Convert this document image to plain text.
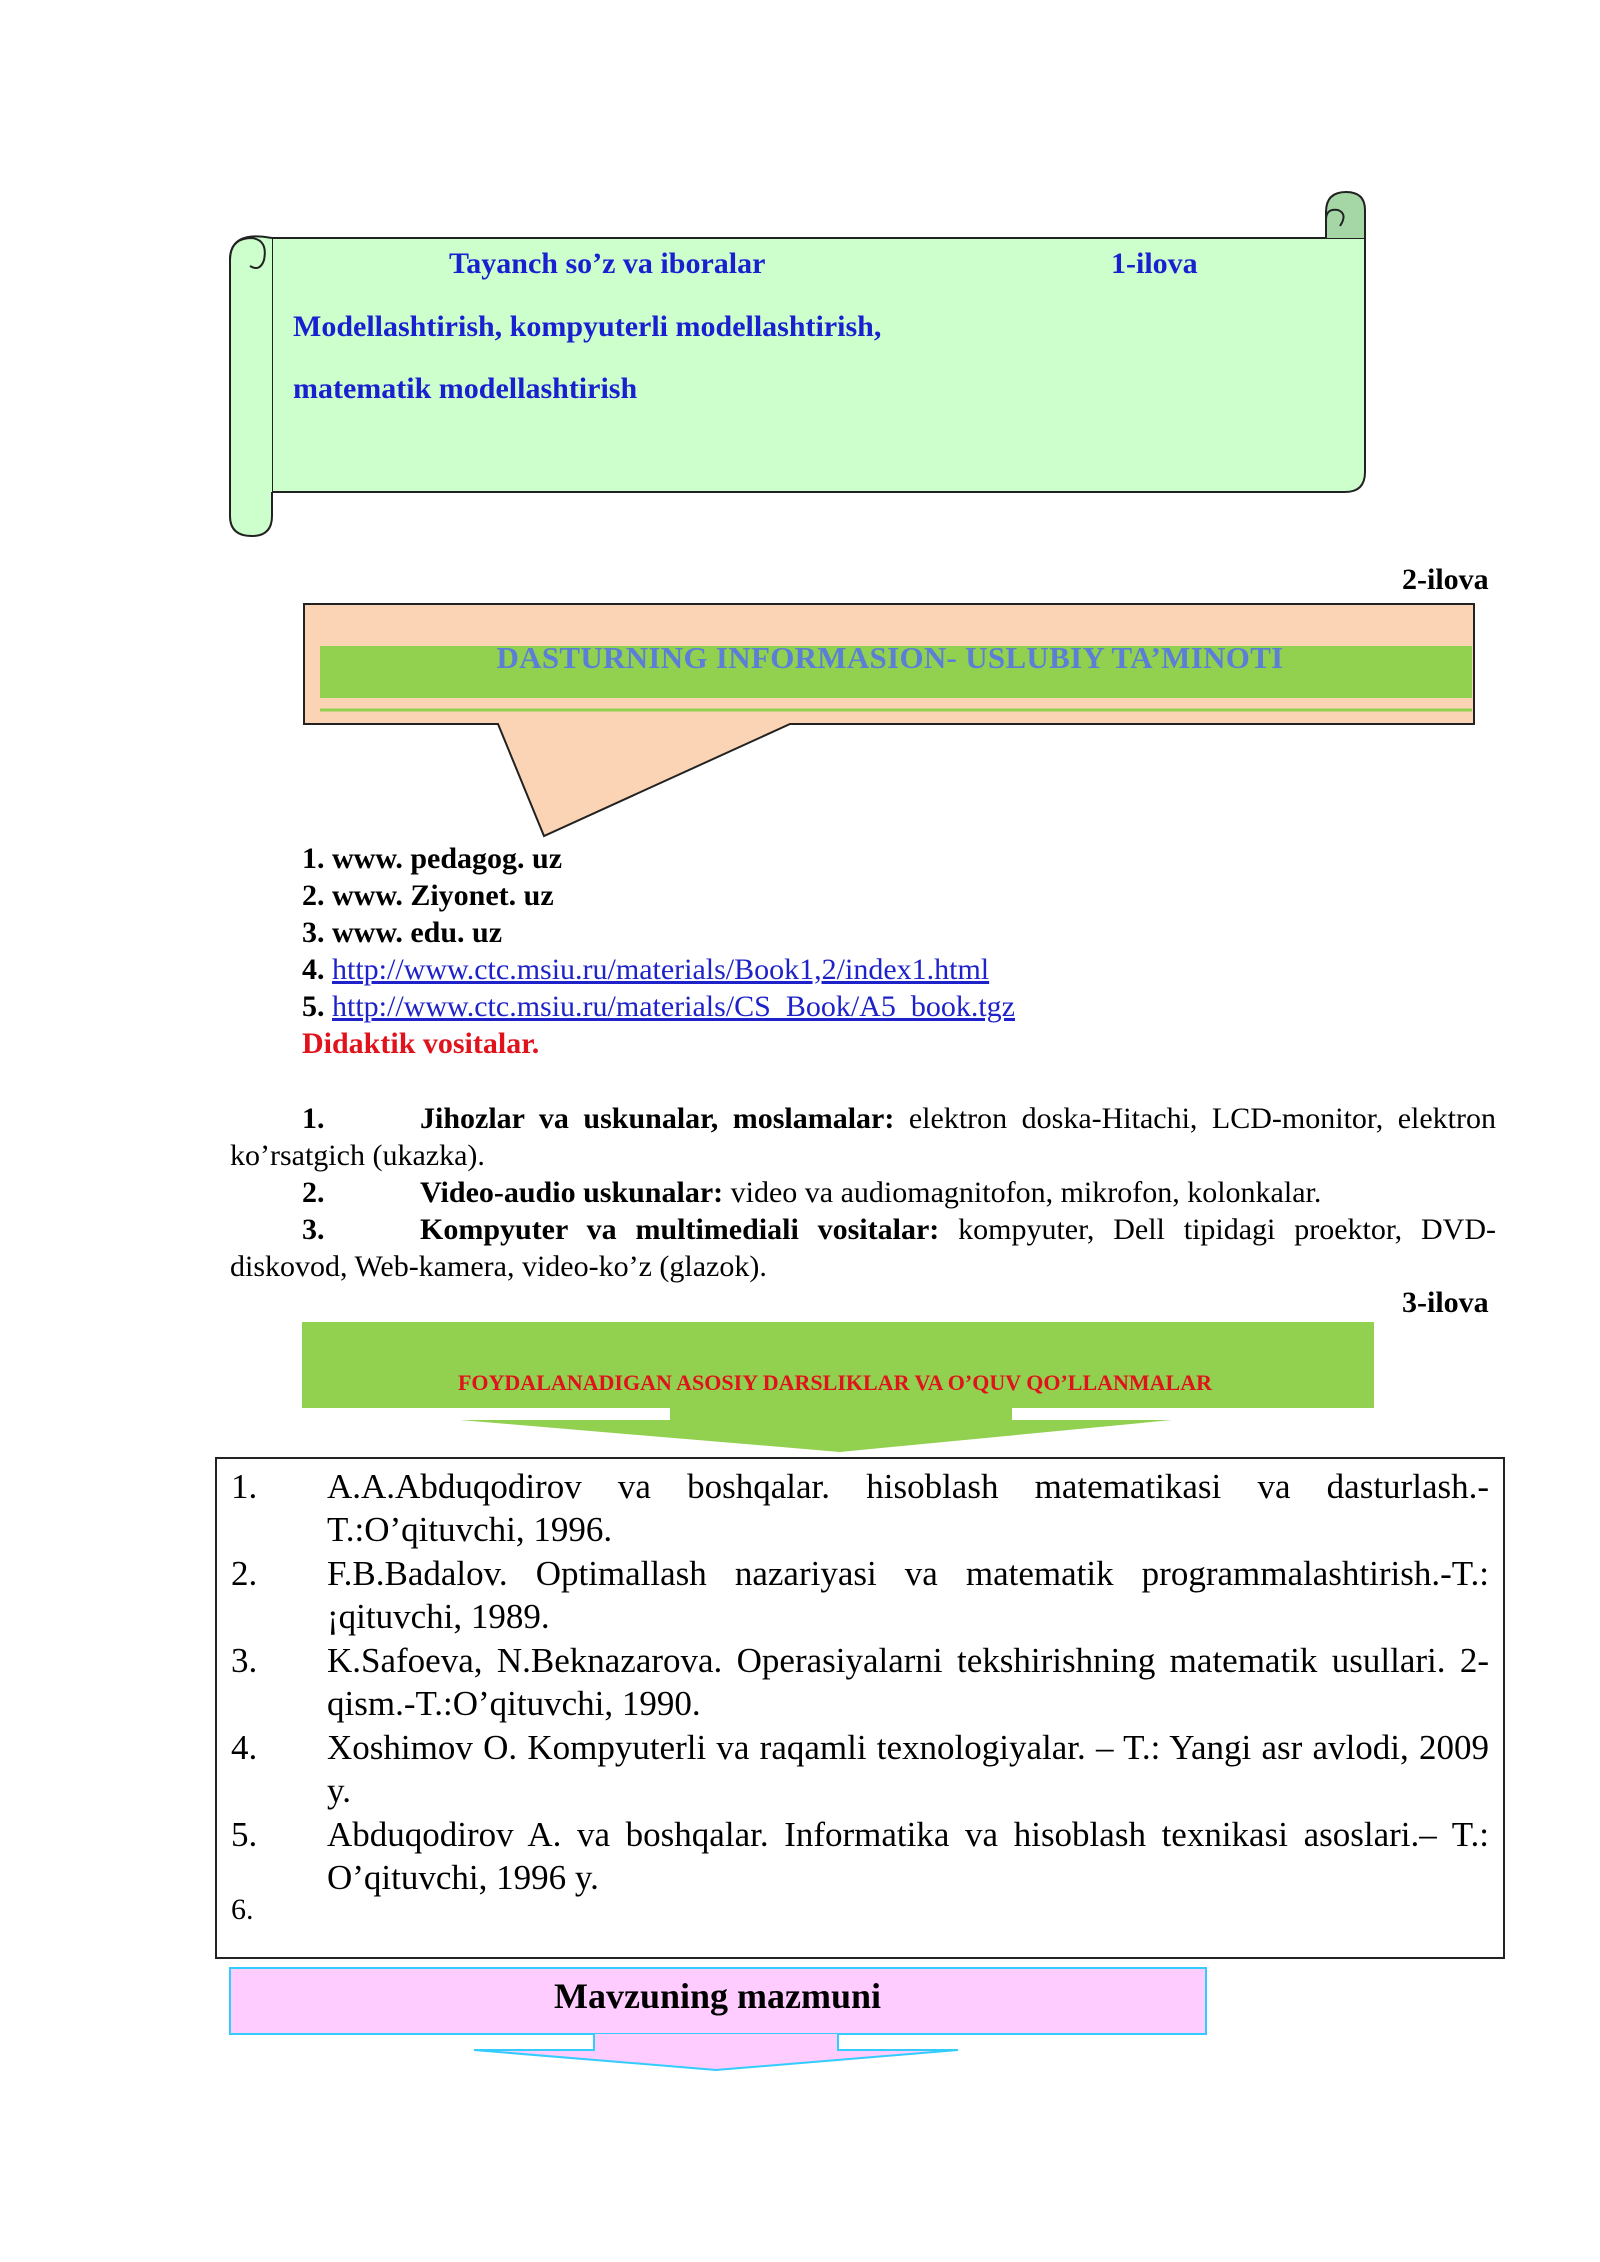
Tayanch so’z va iboralar	1-ilova
Modellashtirish, kompyuterli modellashtirish,
matematik modellashtirish
2-ilova
DASTURNING INFORMASION- USLUBIY TA’MINOTI
1. www. pedagog. uz
2. www. Ziyonet. uz
3. www. edu. uz
4. http://www.ctc.msiu.ru/materials/Book1,2/index1.html
5. http://www.ctc.msiu.ru/materials/CS_Book/A5_book.tgz
Didaktik vositalar.

1.	Jihozlar va uskunalar, moslamalar: elektron doska-Hitachi, LCD-monitor, elektron ko’rsatgich (ukazka).

2.	Video-audio uskunalar: video va audiomagnitofon, mikrofon, kolonkalar.

3.	Kompyuter va multimediali vositalar: kompyuter, Dell tipidagi proektor, DVD-diskovod, Web-kamera, video-ko’z (glazok).

3-ilova
FOYDALANADIGAN ASOSIY DARSLIKLAR VA O’QUV QO’LLANMALAR
1. A.A.Abduqodirov va boshqalar. hisoblash matematikasi va dasturlash.-T.:O’qituvchi, 1996.
2. F.B.Badalov. Optimallash nazariyasi va matematik programmalashtirish.-T.:¡qituvchi, 1989.
3. K.Safoeva, N.Beknazarova. Operasiyalarni tekshirishning matematik usullari. 2-qism.-T.:O’qituvchi, 1990.
4. Xoshimov O. Kompyuterli va raqamli texnologiyalar. – T.: Yangi asr avlodi, 2009 y.
5. Abduqodirov A. va boshqalar. Informatika va hisoblash texnikasi asoslari.– T.: O’qituvchi, 1996 y.
6.
Mavzuning mazmuni
